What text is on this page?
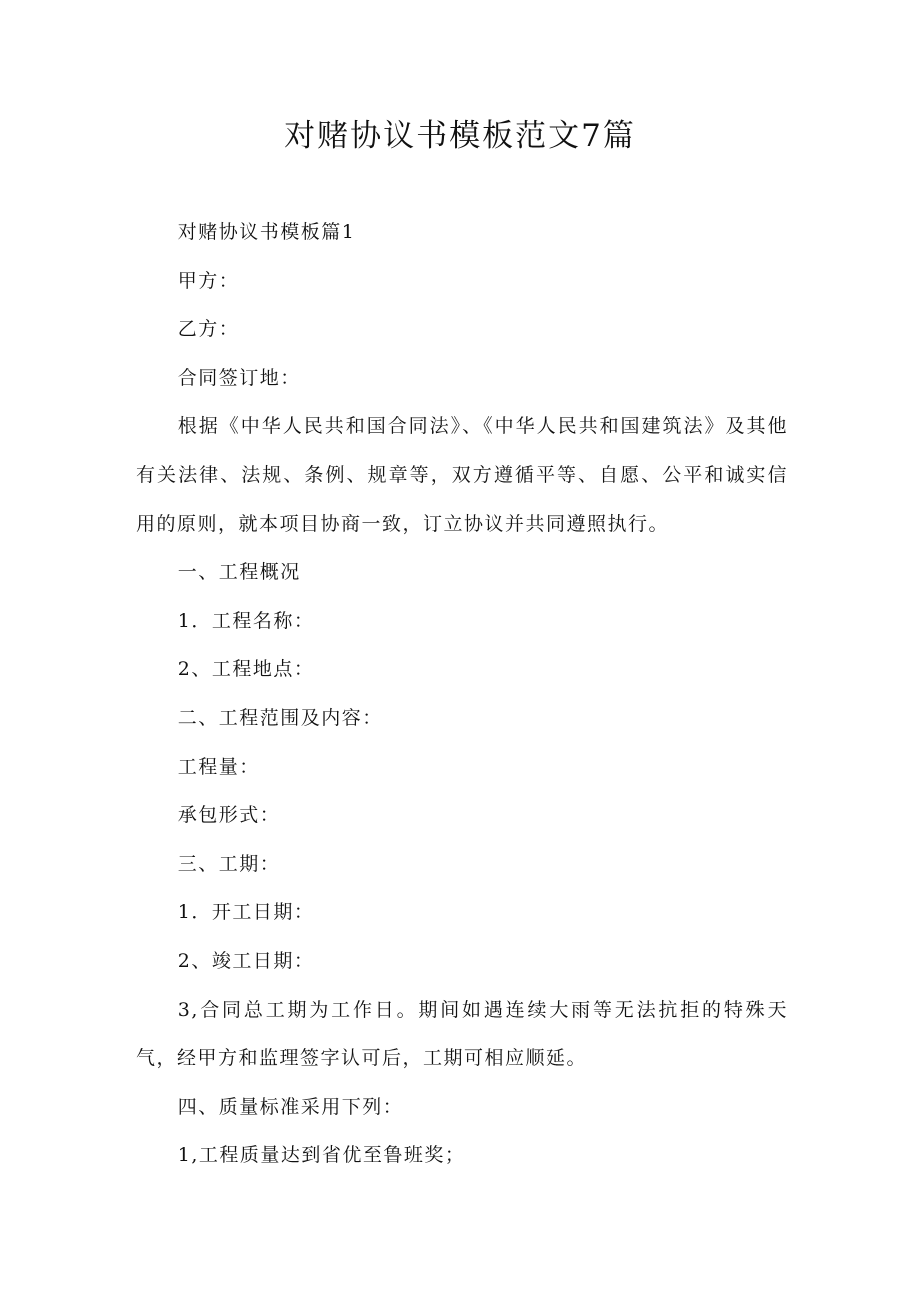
对赌协议书模板范文7篇

对赌协议书模板篇1

甲方：

乙方：

合同签订地：

根据《中华人民共和国合同法》、《中华人民共和国建筑法》及其他有关法律、法规、条例、规章等，双方遵循平等、自愿、公平和诚实信用的原则，就本项目协商一致，订立协议并共同遵照执行。

一、工程概况

1．工程名称：

2、工程地点：

二、工程范围及内容：

工程量：

承包形式：

三、工期：

1．开工日期：

2、竣工日期：

3,合同总工期为工作日。期间如遇连续大雨等无法抗拒的特殊天气，经甲方和监理签字认可后，工期可相应顺延。

四、质量标准采用下列：

1,工程质量达到省优至鲁班奖；
